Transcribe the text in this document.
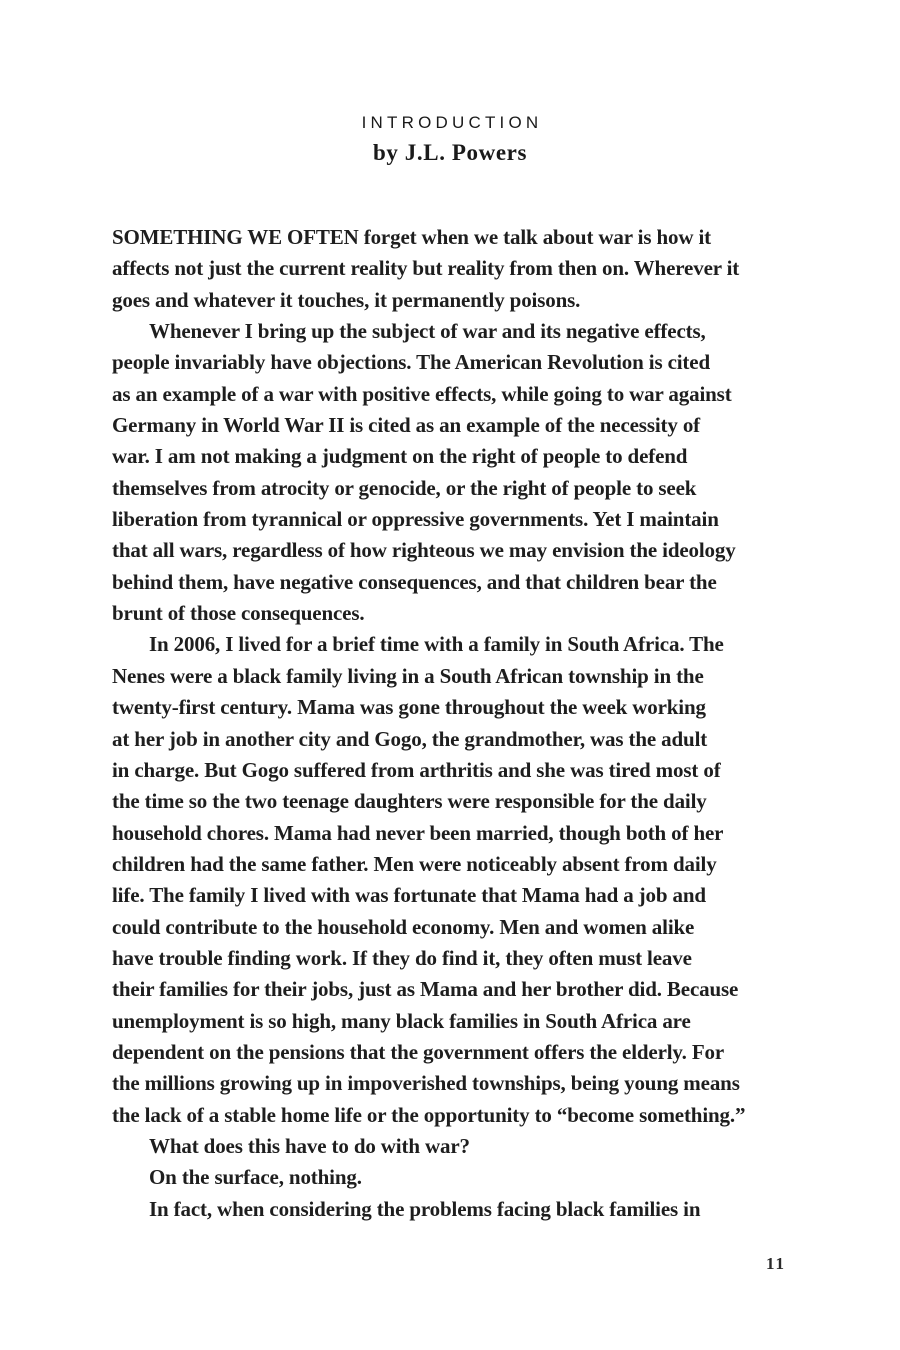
INTRODUCTION
by J.L. Powers
SOMETHING WE OFTEN forget when we talk about war is how it
affects not just the current reality but reality from then on. Wherever it
goes and whatever it touches, it permanently poisons.
Whenever I bring up the subject of war and its negative effects,
people invariably have objections. The American Revolution is cited
as an example of a war with positive effects, while going to war against
Germany in World War II is cited as an example of the necessity of
war. I am not making a judgment on the right of people to defend
themselves from atrocity or genocide, or the right of people to seek
liberation from tyrannical or oppressive governments. Yet I maintain
that all wars, regardless of how righteous we may envision the ideology
behind them, have negative consequences, and that children bear the
brunt of those consequences.
In 2006, I lived for a brief time with a family in South Africa. The
Nenes were a black family living in a South African township in the
twenty-first century. Mama was gone throughout the week working
at her job in another city and Gogo, the grandmother, was the adult
in charge. But Gogo suffered from arthritis and she was tired most of
the time so the two teenage daughters were responsible for the daily
household chores. Mama had never been married, though both of her
children had the same father. Men were noticeably absent from daily
life. The family I lived with was fortunate that Mama had a job and
could contribute to the household economy. Men and women alike
have trouble finding work. If they do find it, they often must leave
their families for their jobs, just as Mama and her brother did. Because
unemployment is so high, many black families in South Africa are
dependent on the pensions that the government offers the elderly. For
the millions growing up in impoverished townships, being young means
the lack of a stable home life or the opportunity to “become something.”
What does this have to do with war?
On the surface, nothing.
In fact, when considering the problems facing black families in
11
